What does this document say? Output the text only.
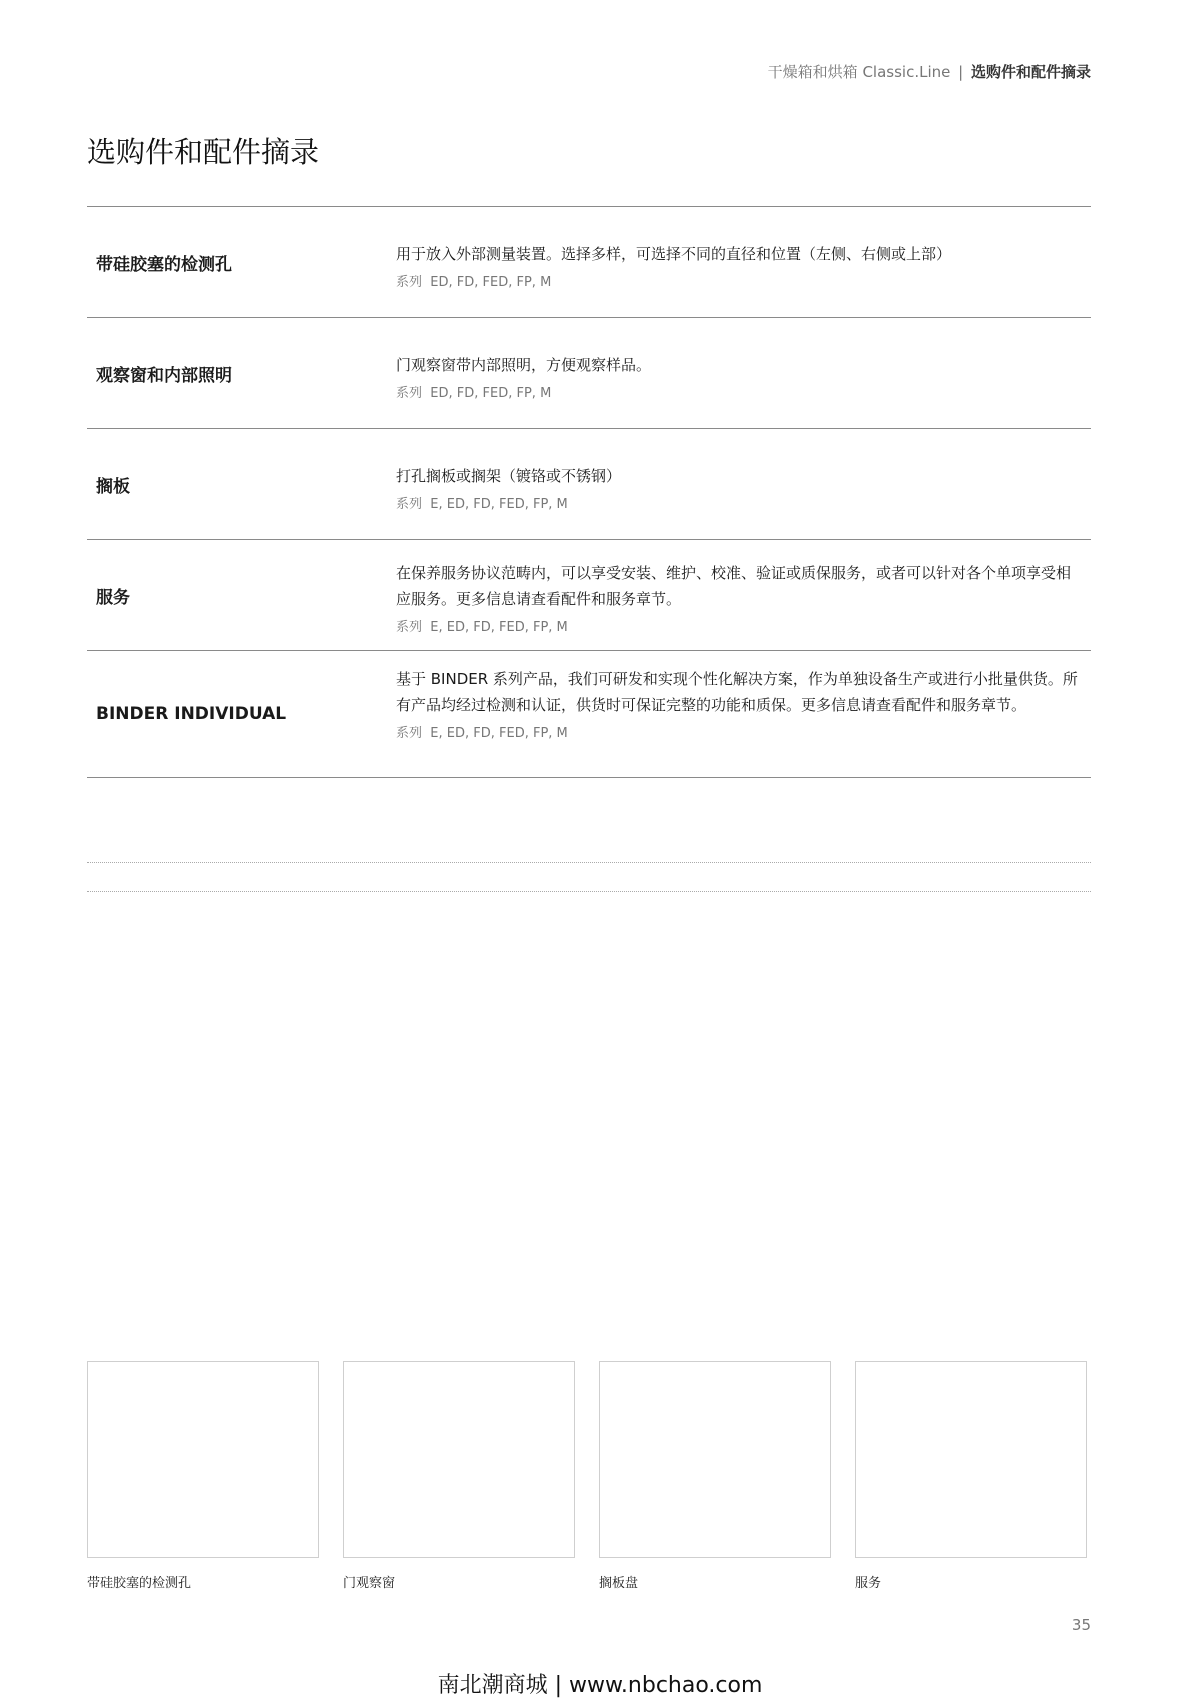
干燥箱和烘箱 Classic.Line | 选购件和配件摘录
选购件和配件摘录
带硅胶塞的检测孔
用于放入外部测量装置。选择多样，可选择不同的直径和位置（左侧、右侧或上部）
系列 ED, FD, FED, FP, M
观察窗和内部照明
门观察窗带内部照明，方便观察样品。
系列 ED, FD, FED, FP, M
搁板
打孔搁板或搁架（镀铬或不锈钢）
系列 E, ED, FD, FED, FP, M
服务
在保养服务协议范畴内，可以享受安装、维护、校准、验证或质保服务，或者可以针对各个单项享受相应服务。更多信息请查看配件和服务章节。
系列 E, ED, FD, FED, FP, M
BINDER INDIVIDUAL
基于 BINDER 系列产品，我们可研发和实现个性化解决方案，作为单独设备生产或进行小批量供货。所有产品均经过检测和认证，供货时可保证完整的功能和质保。更多信息请查看配件和服务章节。
系列 E, ED, FD, FED, FP, M
带硅胶塞的检测孔	门观察窗	搁板盘	服务
35
南北潮商城 | www.nbchao.com
